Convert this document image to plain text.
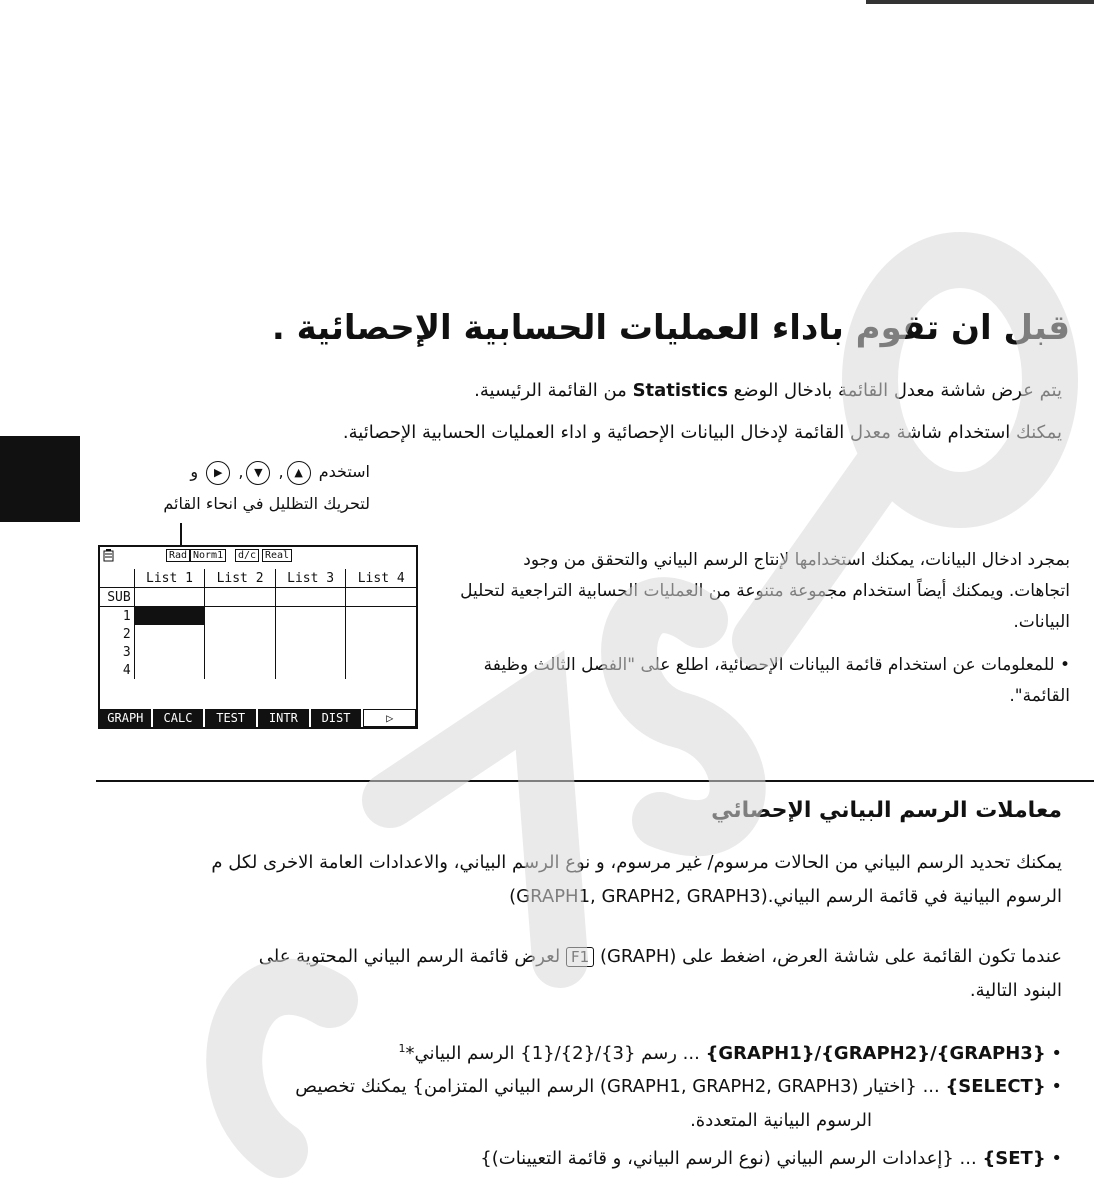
قبل ان تقوم باداء العمليات الحسابية الإحصائية .
يتم عرض شاشة معدل القائمة بادخال الوضع Statistics من القائمة الرئيسية.
يمكنك استخدام شاشة معدل القائمة لإدخال البيانات الإحصائية و اداء العمليات الحسابية الإحصائية.
استخدم ▲, ▼, ▶ و
لتحريك التظليل في انحاء القائم
Rad Norm1	d/c Real
	List 1	List 2	List 3	List 4
SUB				
1				
2				
3				
4				
GRAPH	CALC	TEST	INTR	DIST	▷
بمجرد ادخال البيانات، يمكنك استخدامها لإنتاج الرسم البياني والتحقق من وجود اتجاهات. ويمكنك أيضاً استخدام مجموعة متنوعة من العمليات الحسابية التراجعية لتحليل البيانات.
• للمعلومات عن استخدام قائمة البيانات الإحصائية، اطلع على "الفصل الثالث وظيفة القائمة".
معاملات الرسم البياني الإحصائي
يمكنك تحديد الرسم البياني من الحالات مرسوم/ غير مرسوم، و نوع الرسم البياني، والاعدادات العامة الاخرى لكل م
الرسوم البيانية في قائمة الرسم البياني(GRAPH1, GRAPH2, GRAPH3).
عندما تكون القائمة على شاشة العرض، اضغط على (GRAPH) F1 لعرض قائمة الرسم البياني المحتوية على
البنود التالية.
• {GRAPH1}/{GRAPH2}/{GRAPH3} ... رسم {3}/{2}/{1} الرسم البياني*$^1$
• {SELECT} ... {اختيار (GRAPH1, GRAPH2, GRAPH3) الرسم البياني المتزامن} يمكنك تخصيص
الرسوم البيانية المتعددة.
• {SET} ... {إعدادات الرسم البياني (نوع الرسم البياني، و قائمة التعيينات)}
